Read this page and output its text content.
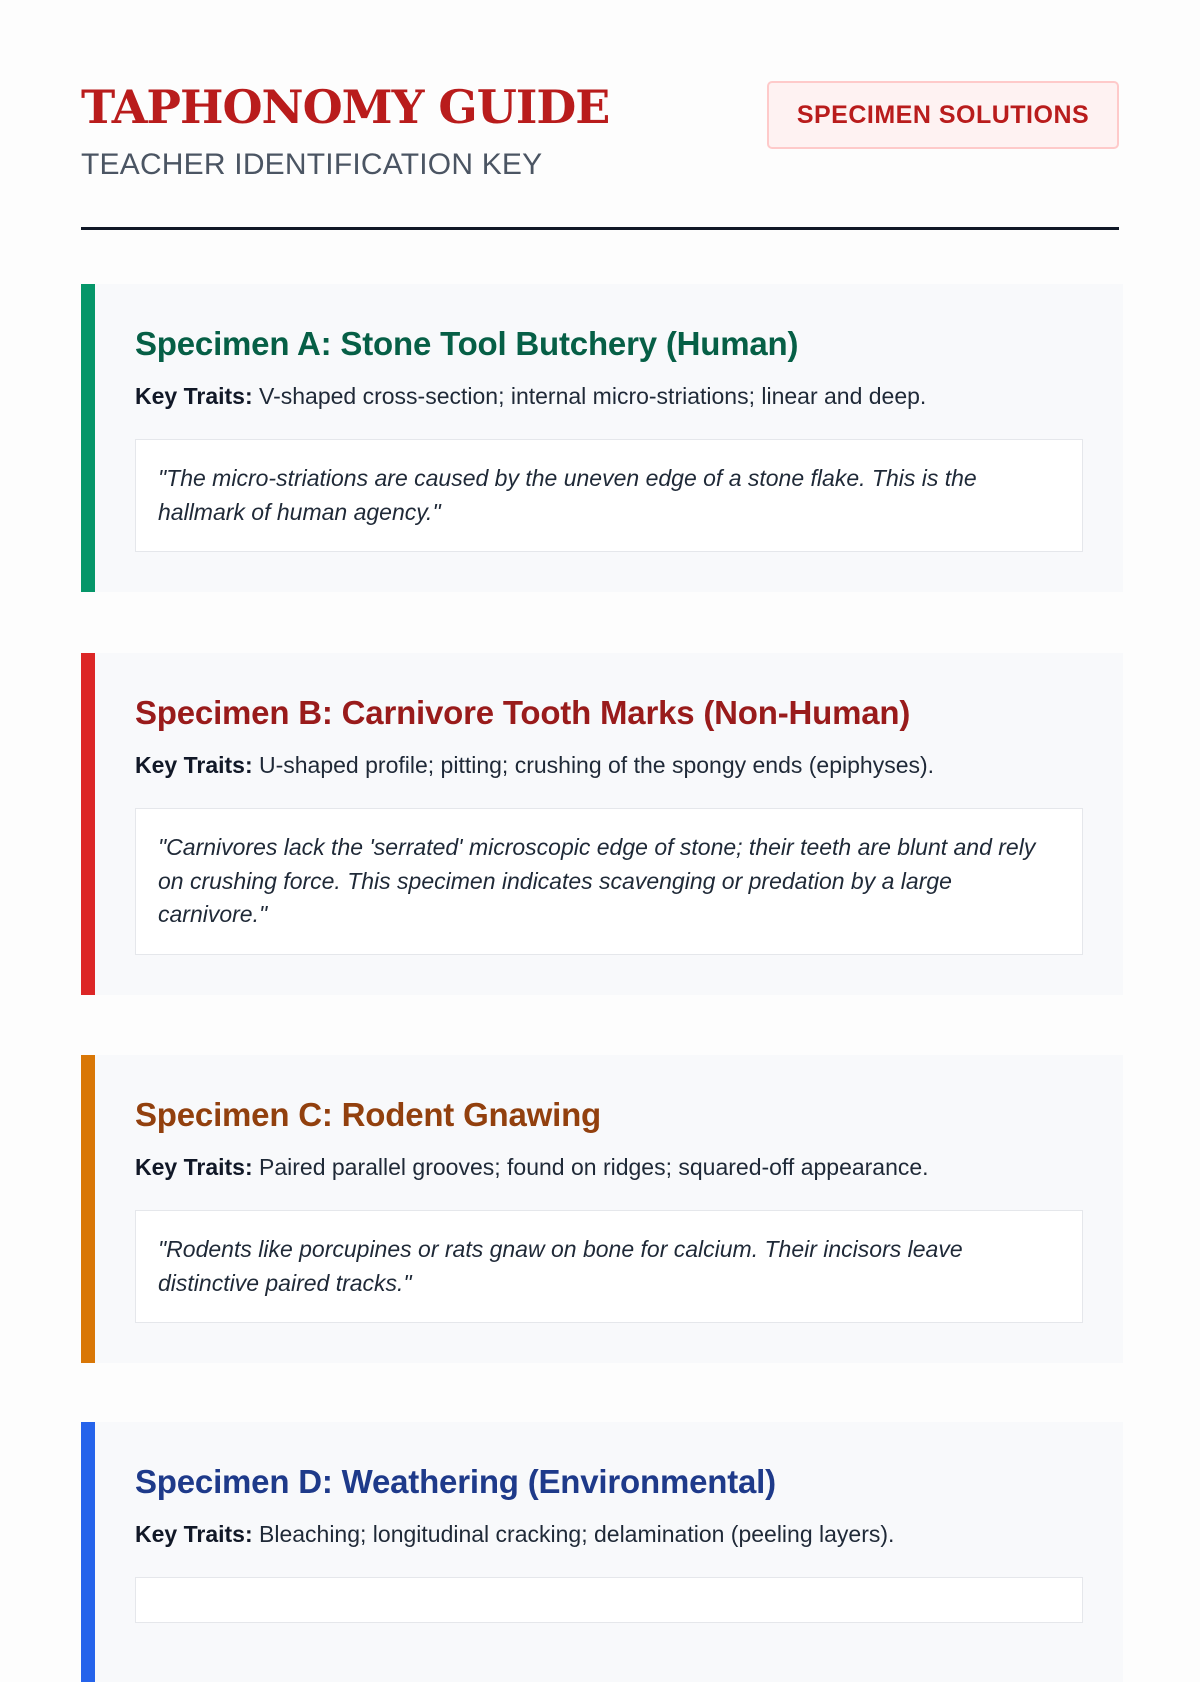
TAPHONOMY GUIDE

TEACHER IDENTIFICATION KEY

SPECIMEN SOLUTIONS
Specimen A: Stone Tool Butchery (Human)

Key Traits: V-shaped cross-section; internal micro-striations; linear and deep.

"The micro-striations are caused by the uneven edge of a stone flake. This is the hallmark of human agency."
Specimen B: Carnivore Tooth Marks (Non-Human)

Key Traits: U-shaped profile; pitting; crushing of the spongy ends (epiphyses).

"Carnivores lack the 'serrated' microscopic edge of stone; their teeth are blunt and rely on crushing force. This specimen indicates scavenging or predation by a large carnivore."
Specimen C: Rodent Gnawing

Key Traits: Paired parallel grooves; found on ridges; squared-off appearance.

"Rodents like porcupines or rats gnaw on bone for calcium. Their incisors leave distinctive paired tracks."
Specimen D: Weathering (Environmental)

Key Traits: Bleaching; longitudinal cracking; delamination (peeling layers).
